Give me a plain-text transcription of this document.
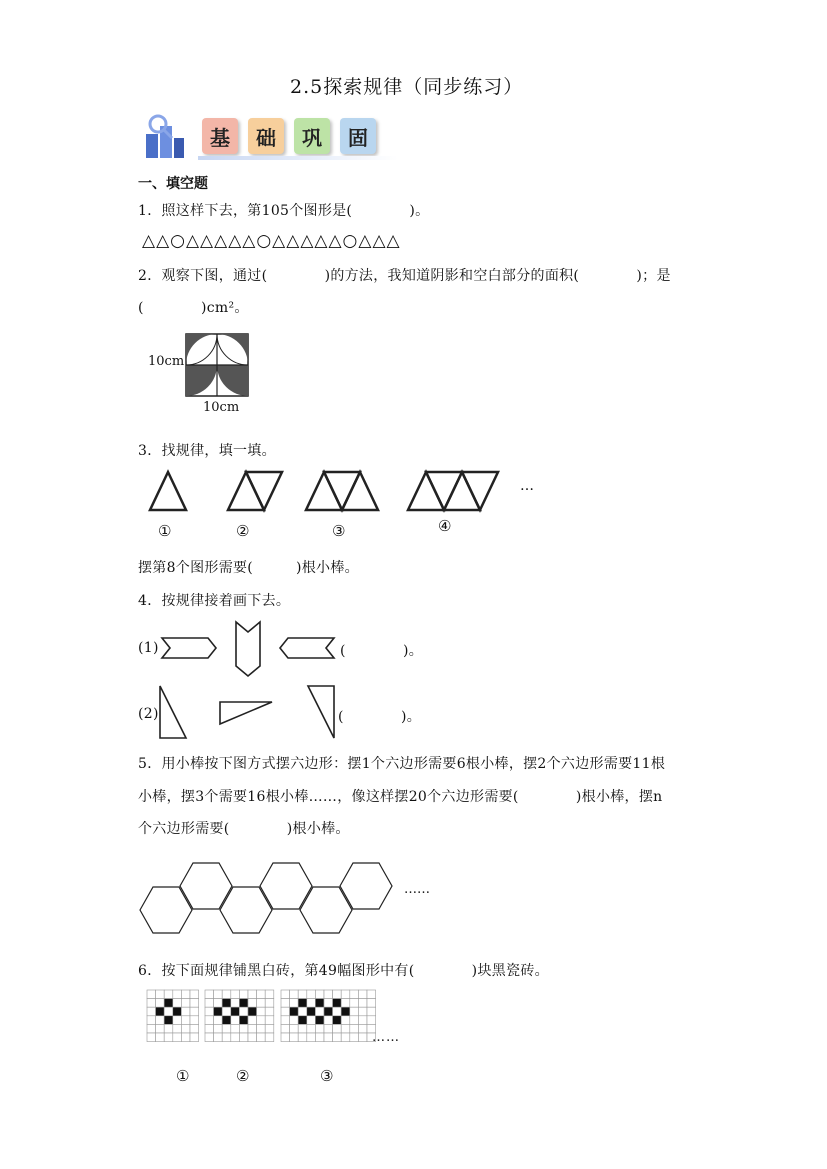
2.5探索规律（同步练习）
基	础	巩	固
一、填空题
1．照这样下去，第105个图形是(　　　　)。
△△○△△△△△○△△△△△○△△△
2．观察下图，通过(　　　　)的方法，我知道阴影和空白部分的面积(　　　　)；是
(　　　　)cm²。
10cm
10cm
3．找规律，填一填。
…
①	②	③	④
摆第8个图形需要(　　　)根小棒。
4．按规律接着画下去。
(1)	(　　　　)。
(2)	(　　　　)。
5．用小棒按下图方式摆六边形：摆1个六边形需要6根小棒，摆2个六边形需要11根
小棒，摆3个需要16根小棒……，像这样摆20个六边形需要(　　　　)根小棒，摆n
个六边形需要(　　　　)根小棒。
……
6．按下面规律铺黑白砖，第49幅图形中有(　　　　)块黑瓷砖。
……
①	②	③
